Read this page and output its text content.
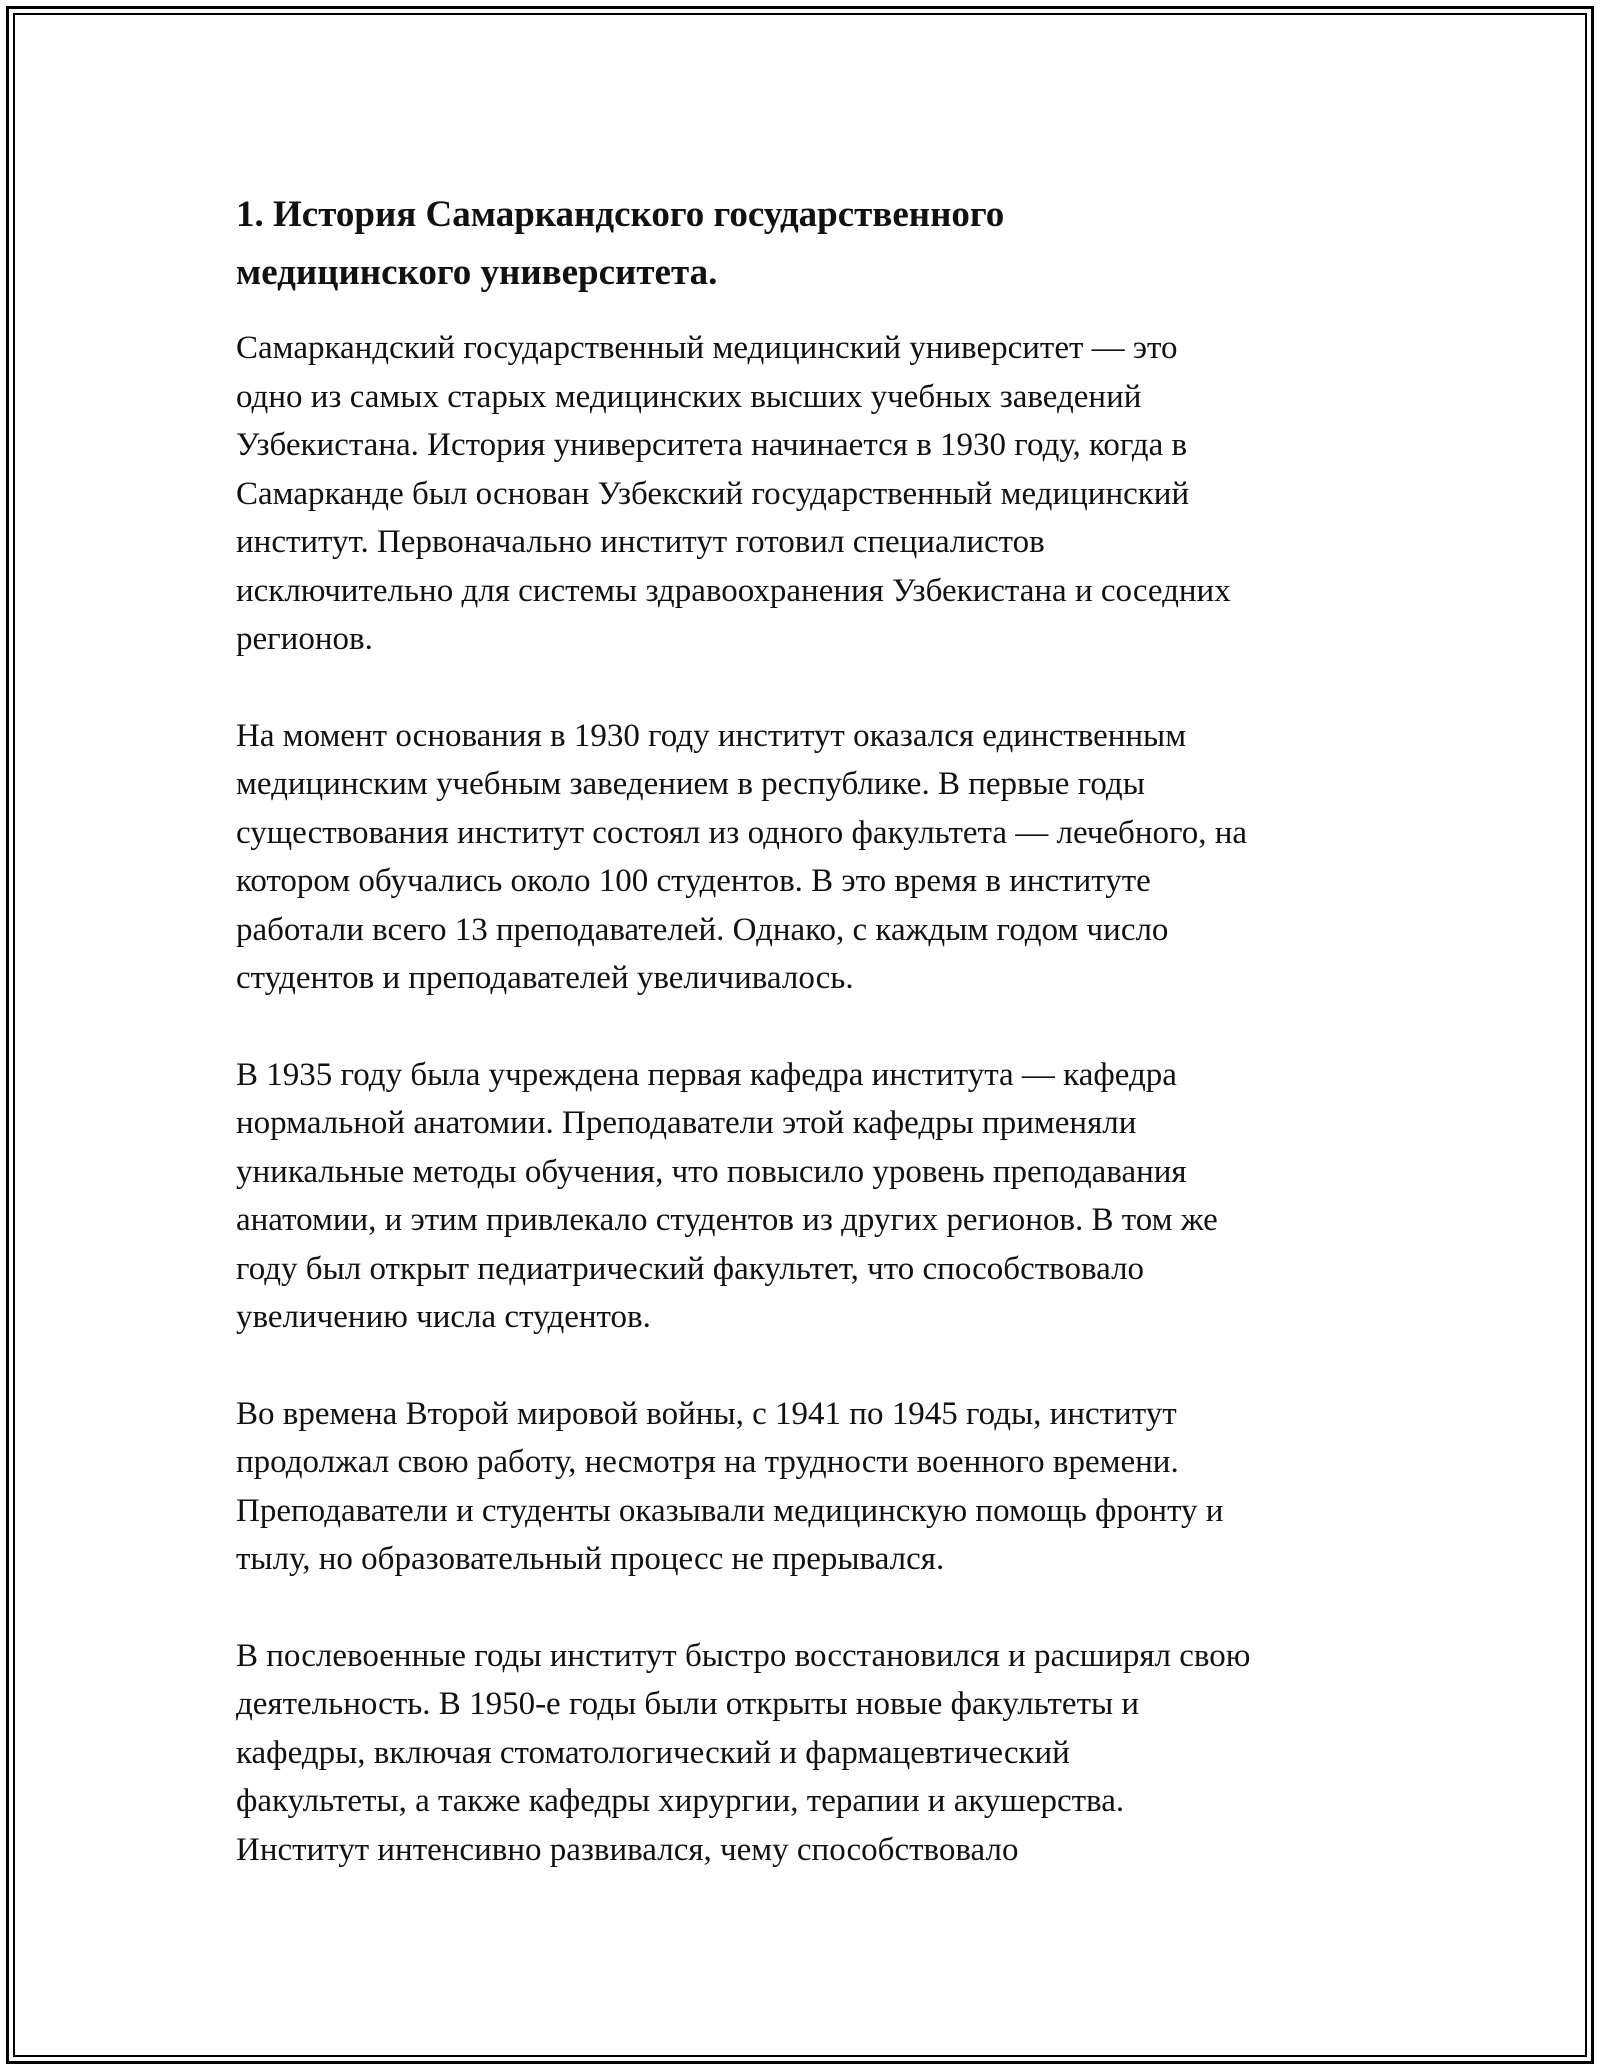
1. История Самаркандского государственного
медицинского университета.

Самаркандский государственный медицинский университет — это
одно из самых старых медицинских высших учебных заведений
Узбекистана. История университета начинается в 1930 году, когда в
Самарканде был основан Узбекский государственный медицинский
институт. Первоначально институт готовил специалистов
исключительно для системы здравоохранения Узбекистана и соседних
регионов.

На момент основания в 1930 году институт оказался единственным
медицинским учебным заведением в республике. В первые годы
существования институт состоял из одного факультета — лечебного, на
котором обучались около 100 студентов. В это время в институте
работали всего 13 преподавателей. Однако, с каждым годом число
студентов и преподавателей увеличивалось.

В 1935 году была учреждена первая кафедра института — кафедра
нормальной анатомии. Преподаватели этой кафедры применяли
уникальные методы обучения, что повысило уровень преподавания
анатомии, и этим привлекало студентов из других регионов. В том же
году был открыт педиатрический факультет, что способствовало
увеличению числа студентов.

Во времена Второй мировой войны, с 1941 по 1945 годы, институт
продолжал свою работу, несмотря на трудности военного времени.
Преподаватели и студенты оказывали медицинскую помощь фронту и
тылу, но образовательный процесс не прерывался.

В послевоенные годы институт быстро восстановился и расширял свою
деятельность. В 1950-е годы были открыты новые факультеты и
кафедры, включая стоматологический и фармацевтический
факультеты, а также кафедры хирургии, терапии и акушерства.
Институт интенсивно развивался, чему способствовало
